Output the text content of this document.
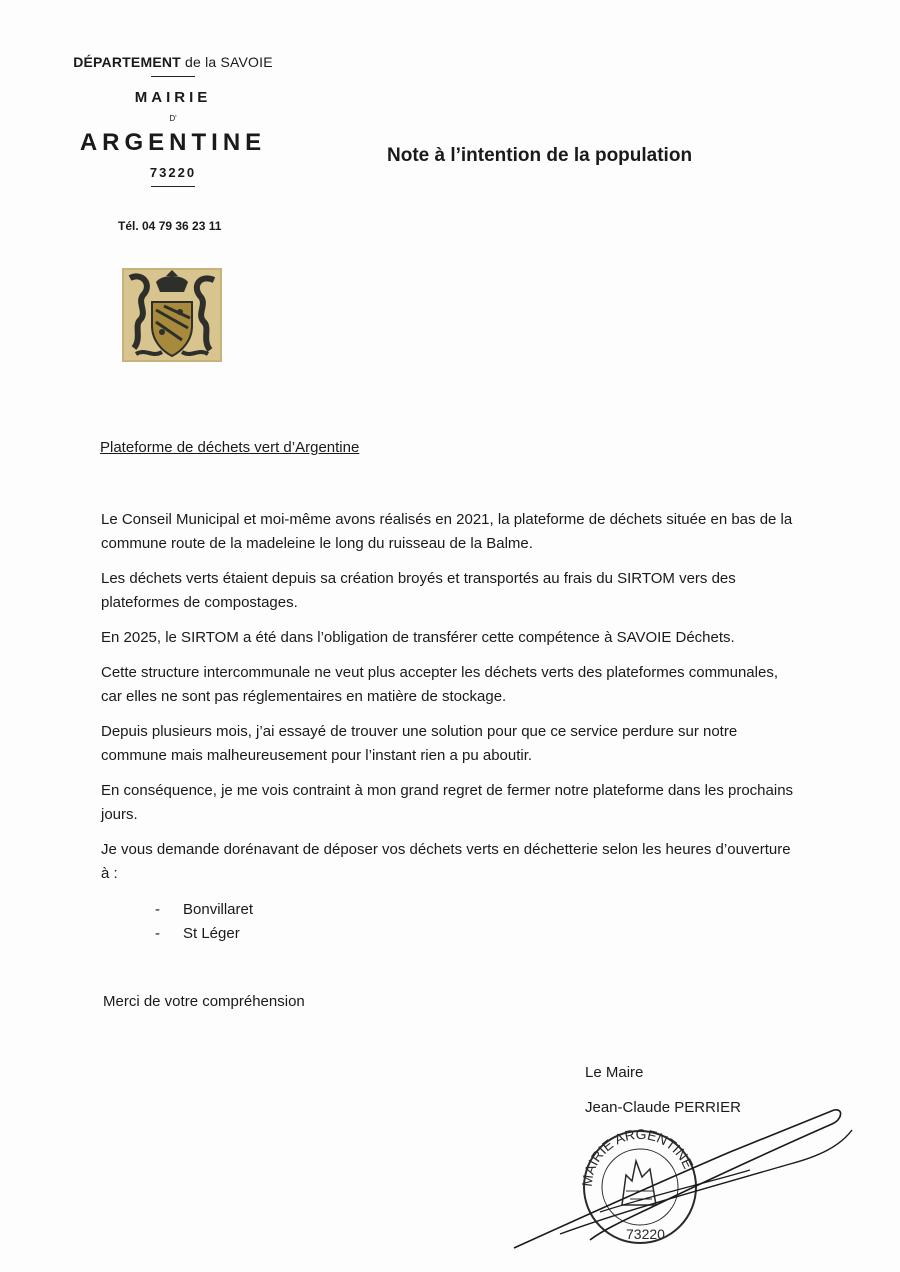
DÉPARTEMENT de la SAVOIE
MAIRIE
D'
ARGENTINE
73220
Tél. 04 79 36 23 11
Note à l’intention de la population
Plateforme de déchets vert d’Argentine

Le Conseil Municipal et moi-même avons réalisés en 2021, la plateforme de déchets située en bas de la commune route de la madeleine le long du ruisseau de la Balme.

Les déchets verts étaient depuis sa création broyés et transportés au frais du SIRTOM vers des plateformes de compostages.

En 2025, le SIRTOM a été dans l’obligation de transférer cette compétence à SAVOIE Déchets.

Cette structure intercommunale ne veut plus accepter les déchets verts des plateformes communales, car elles ne sont pas réglementaires en matière de stockage.

Depuis plusieurs mois, j’ai essayé de trouver une solution pour que ce service perdure sur notre commune mais malheureusement pour l’instant rien a pu aboutir.

En conséquence, je me vois contraint à mon grand regret de fermer notre plateforme dans les prochains jours.

Je vous demande dorénavant de déposer vos déchets verts en déchetterie selon les heures d’ouverture à :

-	Bonvillaret
-	St Léger
Merci de votre compréhension
Le Maire
Jean-Claude PERRIER
MAIRIE ARGENTINE
73220
